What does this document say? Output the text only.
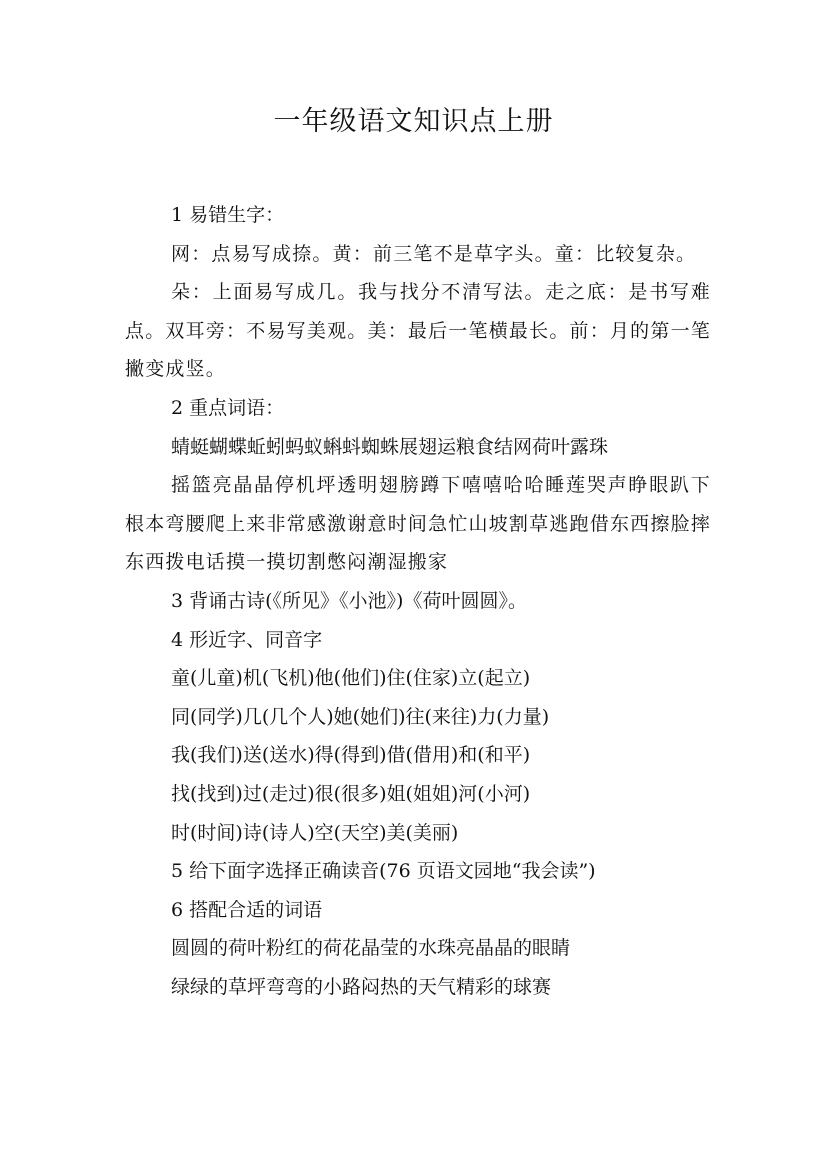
一年级语文知识点上册

1 易错生字：

网：点易写成捺。黄：前三笔不是草字头。童：比较复杂。

朵：上面易写成几。我与找分不清写法。走之底：是书写难点。双耳旁：不易写美观。美：最后一笔横最长。前：月的第一笔撇变成竖。

2 重点词语：

蜻蜓蝴蝶蚯蚓蚂蚁蝌蚪蜘蛛展翅运粮食结网荷叶露珠

摇篮亮晶晶停机坪透明翅膀蹲下嘻嘻哈哈睡莲哭声睁眼趴下根本弯腰爬上来非常感激谢意时间急忙山坡割草逃跑借东西擦脸摔东西拨电话摸一摸切割憋闷潮湿搬家

3 背诵古诗(《所见》《小池》)《荷叶圆圆》。

4 形近字、同音字

童(儿童)机(飞机)他(他们)住(住家)立(起立)

同(同学)几(几个人)她(她们)往(来往)力(力量)

我(我们)送(送水)得(得到)借(借用)和(和平)

找(找到)过(走过)很(很多)姐(姐姐)河(小河)

时(时间)诗(诗人)空(天空)美(美丽)

5 给下面字选择正确读音(76 页语文园地“我会读”)

6 搭配合适的词语

圆圆的荷叶粉红的荷花晶莹的水珠亮晶晶的眼睛

绿绿的草坪弯弯的小路闷热的天气精彩的球赛
